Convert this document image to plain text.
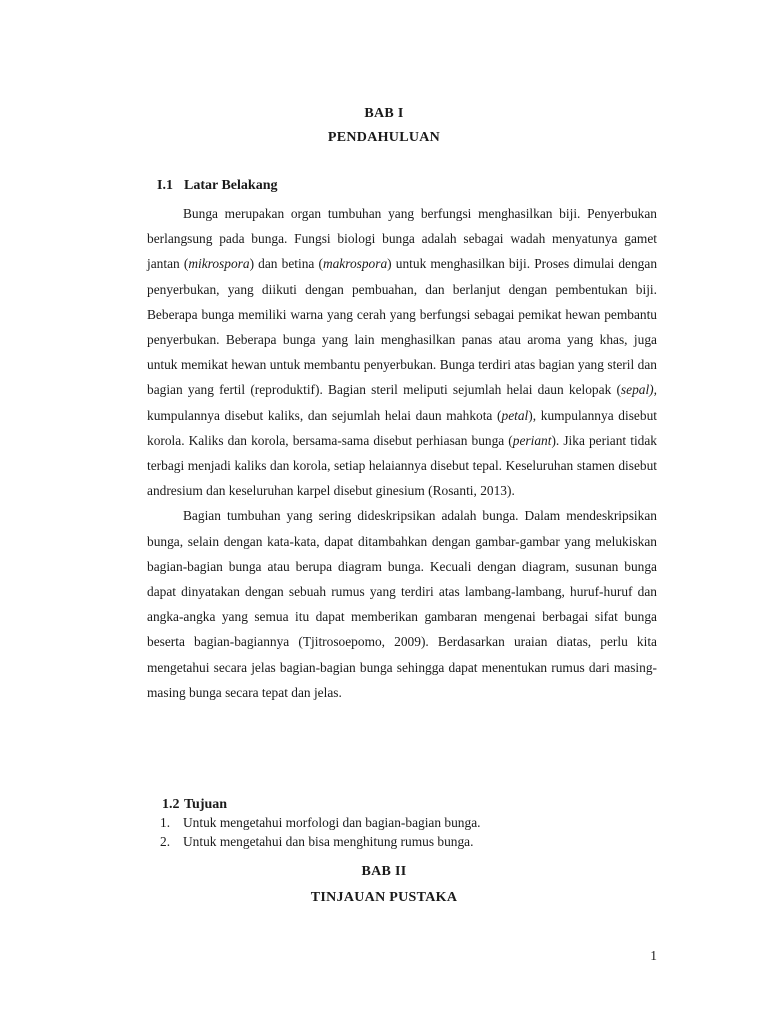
BAB I
PENDAHULUAN
I.1 Latar Belakang

Bunga merupakan organ tumbuhan yang berfungsi menghasilkan biji. Penyerbukan berlangsung pada bunga. Fungsi biologi bunga adalah sebagai wadah menyatunya gamet jantan (mikrospora) dan betina (makrospora) untuk menghasilkan biji. Proses dimulai dengan penyerbukan, yang diikuti dengan pembuahan, dan berlanjut dengan pembentukan biji. Beberapa bunga memiliki warna yang cerah yang berfungsi sebagai pemikat hewan pembantu penyerbukan. Beberapa bunga yang lain menghasilkan panas atau aroma yang khas, juga untuk memikat hewan untuk membantu penyerbukan. Bunga terdiri atas bagian yang steril dan bagian yang fertil (reproduktif). Bagian steril meliputi sejumlah helai daun kelopak (sepal), kumpulannya disebut kaliks, dan sejumlah helai daun mahkota (petal), kumpulannya disebut korola. Kaliks dan korola, bersama-sama disebut perhiasan bunga (periant). Jika periant tidak terbagi menjadi kaliks dan korola, setiap helaiannya disebut tepal. Keseluruhan stamen disebut andresium dan keseluruhan karpel disebut ginesium (Rosanti, 2013).

Bagian tumbuhan yang sering dideskripsikan adalah bunga. Dalam mendeskripsikan bunga, selain dengan kata-kata, dapat ditambahkan dengan gambar-gambar yang melukiskan bagian-bagian bunga atau berupa diagram bunga. Kecuali dengan diagram, susunan bunga dapat dinyatakan dengan sebuah rumus yang terdiri atas lambang-lambang, huruf-huruf dan angka-angka yang semua itu dapat memberikan gambaran mengenai berbagai sifat bunga beserta bagian-bagiannya (Tjitrosoepomo, 2009). Berdasarkan uraian diatas, perlu kita mengetahui secara jelas bagian-bagian bunga sehingga dapat menentukan rumus dari masing-masing bunga secara tepat dan jelas.

1.2 Tujuan
1. Untuk mengetahui morfologi dan bagian-bagian bunga.
2. Untuk mengetahui dan bisa menghitung rumus bunga.
BAB II
TINJAUAN PUSTAKA
1
